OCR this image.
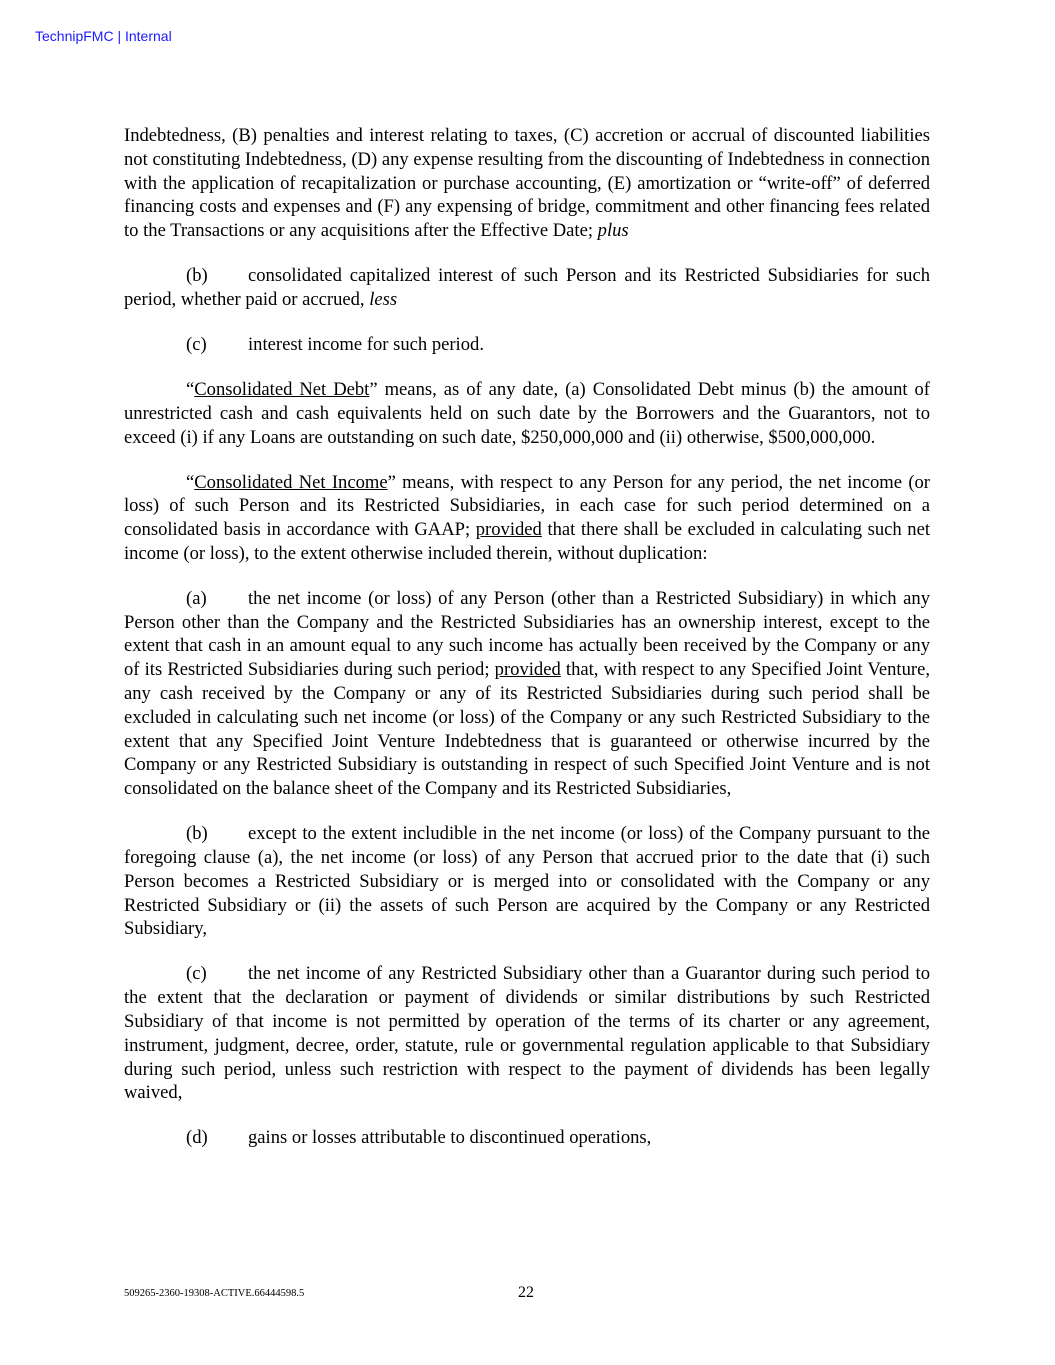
TechnipFMC | Internal

Indebtedness, (B) penalties and interest relating to taxes, (C) accretion or accrual of discounted liabilities not constituting Indebtedness, (D) any expense resulting from the discounting of Indebtedness in connection with the application of recapitalization or purchase accounting, (E) amortization or “write-off” of deferred financing costs and expenses and (F) any expensing of bridge, commitment and other financing fees related to the Transactions or any acquisitions after the Effective Date; plus

(b) consolidated capitalized interest of such Person and its Restricted Subsidiaries for such period, whether paid or accrued, less

(c) interest income for such period.

“Consolidated Net Debt” means, as of any date, (a) Consolidated Debt minus (b) the amount of unrestricted cash and cash equivalents held on such date by the Borrowers and the Guarantors, not to exceed (i) if any Loans are outstanding on such date, $250,000,000 and (ii) otherwise, $500,000,000.

“Consolidated Net Income” means, with respect to any Person for any period, the net income (or loss) of such Person and its Restricted Subsidiaries, in each case for such period determined on a consolidated basis in accordance with GAAP; provided that there shall be excluded in calculating such net income (or loss), to the extent otherwise included therein, without duplication:

(a) the net income (or loss) of any Person (other than a Restricted Subsidiary) in which any Person other than the Company and the Restricted Subsidiaries has an ownership interest, except to the extent that cash in an amount equal to any such income has actually been received by the Company or any of its Restricted Subsidiaries during such period; provided that, with respect to any Specified Joint Venture, any cash received by the Company or any of its Restricted Subsidiaries during such period shall be excluded in calculating such net income (or loss) of the Company or any such Restricted Subsidiary to the extent that any Specified Joint Venture Indebtedness that is guaranteed or otherwise incurred by the Company or any Restricted Subsidiary is outstanding in respect of such Specified Joint Venture and is not consolidated on the balance sheet of the Company and its Restricted Subsidiaries,

(b) except to the extent includible in the net income (or loss) of the Company pursuant to the foregoing clause (a), the net income (or loss) of any Person that accrued prior to the date that (i) such Person becomes a Restricted Subsidiary or is merged into or consolidated with the Company or any Restricted Subsidiary or (ii) the assets of such Person are acquired by the Company or any Restricted Subsidiary,

(c) the net income of any Restricted Subsidiary other than a Guarantor during such period to the extent that the declaration or payment of dividends or similar distributions by such Restricted Subsidiary of that income is not permitted by operation of the terms of its charter or any agreement, instrument, judgment, decree, order, statute, rule or governmental regulation applicable to that Subsidiary during such period, unless such restriction with respect to the payment of dividends has been legally waived,

(d) gains or losses attributable to discontinued operations,

509265-2360-19308-ACTIVE.66444598.5	22
